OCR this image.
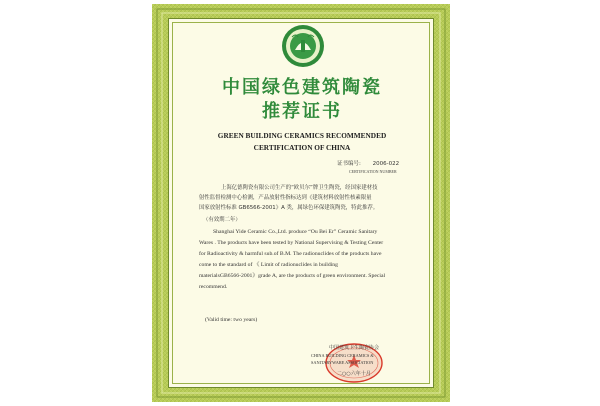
中国绿色建筑陶瓷
推荐证书
GREEN BUILDING CERAMICS RECOMMENDED
CERTIFICATION OF CHINA
证书编号: 2006-022
CERTIFICATION NUMBER
上海亿德陶瓷有限公司生产的“欧贝尔”牌卫生陶瓷，经国家建材技
射性监督检测中心检测，产品放射性指标达到《建筑材料放射性核素限量
国家放射性标准 GB6566-2001》A 类，属绿色环保建筑陶瓷，特此推荐。
（有效期二年）
Shanghai Yide Ceramic Co.,Ltd. produce “Ou Bei Er” Ceramic Sanitary
Wares . The products have been tested by National Supervising & Testing Center
for Radioactivity & harmful sub.of B.M. The radionuclides of the products have
come to the standard of 《 Limit of radionuclides in building
materialsGB6566-2001》grade A, are the products of green environment. Special
recommend.
(Valid time: two years)
中国建筑卫生陶瓷协会
CHINA BUILDING CERAMICS &
SANITARYWARE ASSOCIATION
二○○六年十月
